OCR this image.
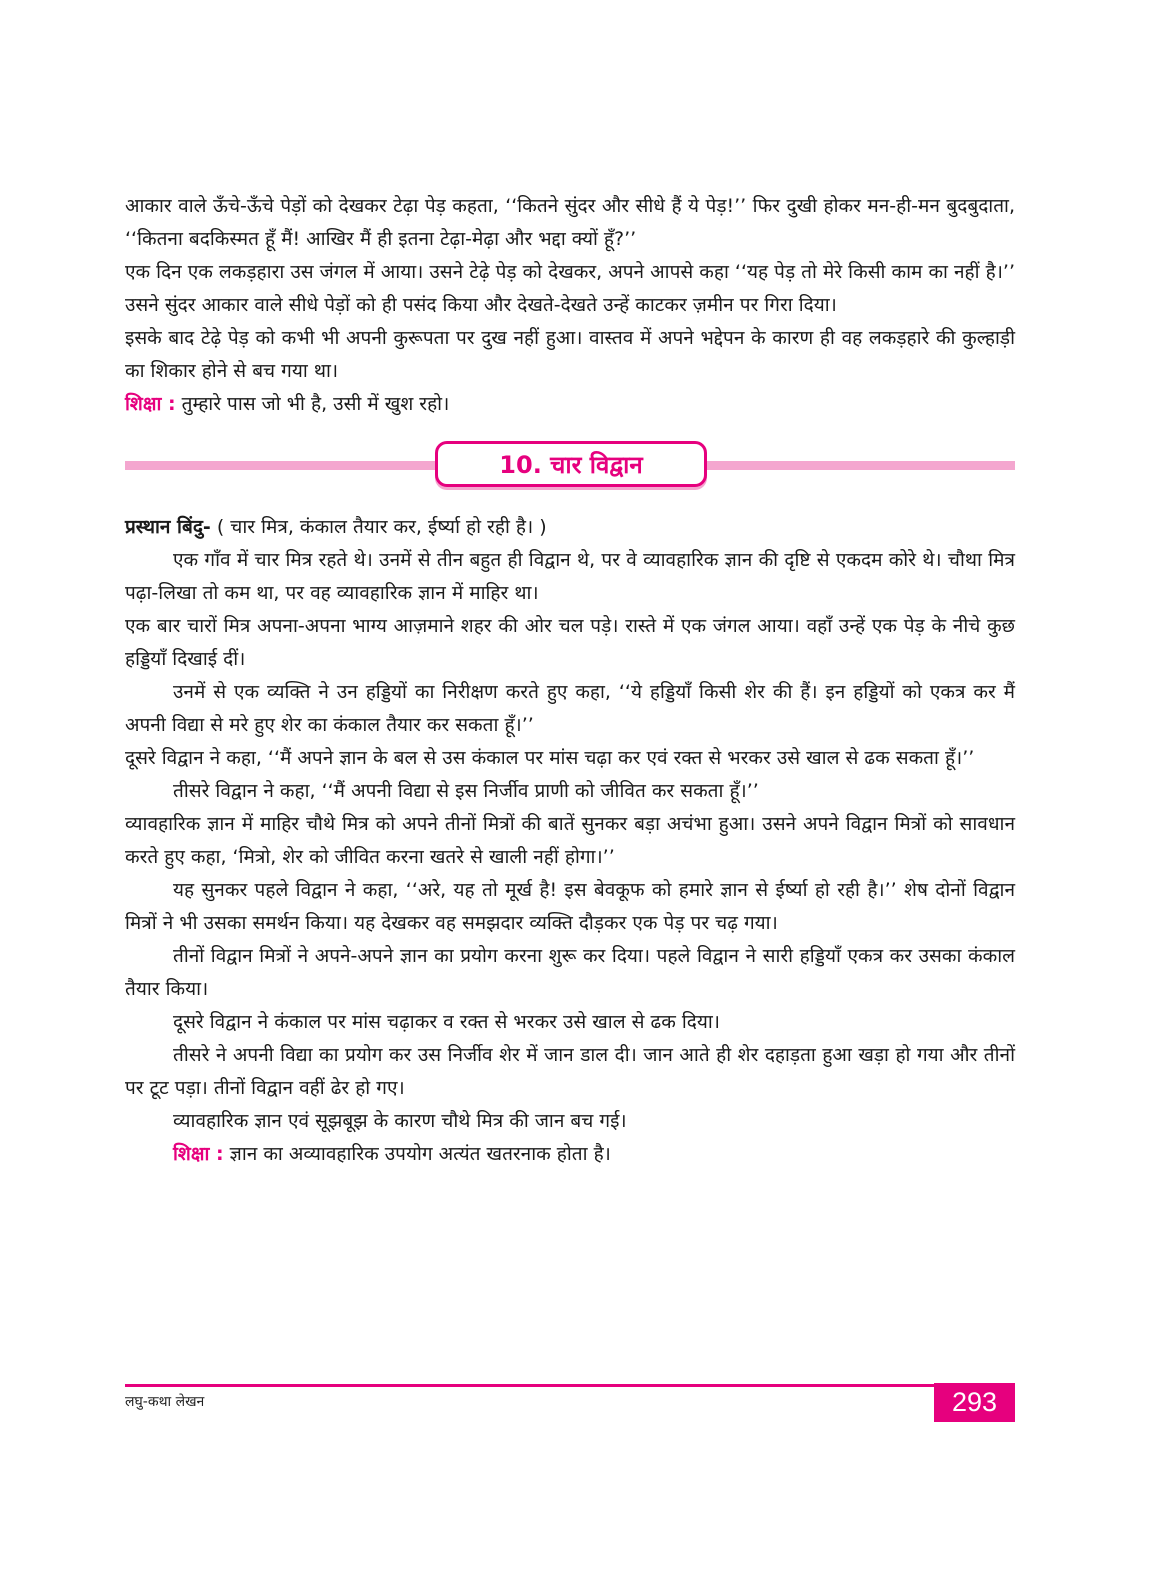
आकार वाले ऊँचे-ऊँचे पेड़ों को देखकर टेढ़ा पेड़ कहता, ‘‘कितने सुंदर और सीधे हैं ये पेड़!’’ फिर दुखी होकर मन-ही-मन बुदबुदाता, ‘‘कितना बदकिस्मत हूँ मैं! आखिर मैं ही इतना टेढ़ा-मेढ़ा और भद्दा क्यों हूँ?’’

एक दिन एक लकड़हारा उस जंगल में आया। उसने टेढ़े पेड़ को देखकर, अपने आपसे कहा ‘‘यह पेड़ तो मेरे किसी काम का नहीं है।’’ उसने सुंदर आकार वाले सीधे पेड़ों को ही पसंद किया और देखते-देखते उन्हें काटकर ज़मीन पर गिरा दिया।

इसके बाद टेढ़े पेड़ को कभी भी अपनी कुरूपता पर दुख नहीं हुआ। वास्तव में अपने भद्देपन के कारण ही वह लकड़हारे की कुल्हाड़ी का शिकार होने से बच गया था।

शिक्षा : तुम्हारे पास जो भी है, उसी में खुश रहो।

10. चार विद्वान

प्रस्थान बिंदु- ( चार मित्र, कंकाल तैयार कर, ईर्ष्या हो रही है। )

एक गाँव में चार मित्र रहते थे। उनमें से तीन बहुत ही विद्वान थे, पर वे व्यावहारिक ज्ञान की दृष्टि से एकदम कोरे थे। चौथा मित्र पढ़ा-लिखा तो कम था, पर वह व्यावहारिक ज्ञान में माहिर था।

एक बार चारों मित्र अपना-अपना भाग्य आज़माने शहर की ओर चल पड़े। रास्ते में एक जंगल आया। वहाँ उन्हें एक पेड़ के नीचे कुछ हड्डियाँ दिखाई दीं।

उनमें से एक व्यक्ति ने उन हड्डियों का निरीक्षण करते हुए कहा, ‘‘ये हड्डियाँ किसी शेर की हैं। इन हड्डियों को एकत्र कर मैं अपनी विद्या से मरे हुए शेर का कंकाल तैयार कर सकता हूँ।’’

दूसरे विद्वान ने कहा, ‘‘मैं अपने ज्ञान के बल से उस कंकाल पर मांस चढ़ा कर एवं रक्त से भरकर उसे खाल से ढक सकता हूँ।’’

तीसरे विद्वान ने कहा, ‘‘मैं अपनी विद्या से इस निर्जीव प्राणी को जीवित कर सकता हूँ।’’

व्यावहारिक ज्ञान में माहिर चौथे मित्र को अपने तीनों मित्रों की बातें सुनकर बड़ा अचंभा हुआ। उसने अपने विद्वान मित्रों को सावधान करते हुए कहा, ‘मित्रो, शेर को जीवित करना खतरे से खाली नहीं होगा।’’

यह सुनकर पहले विद्वान ने कहा, ‘‘अरे, यह तो मूर्ख है! इस बेवकूफ को हमारे ज्ञान से ईर्ष्या हो रही है।’’ शेष दोनों विद्वान मित्रों ने भी उसका समर्थन किया। यह देखकर वह समझदार व्यक्ति दौड़कर एक पेड़ पर चढ़ गया।

तीनों विद्वान मित्रों ने अपने-अपने ज्ञान का प्रयोग करना शुरू कर दिया। पहले विद्वान ने सारी हड्डियाँ एकत्र कर उसका कंकाल तैयार किया।

दूसरे विद्वान ने कंकाल पर मांस चढ़ाकर व रक्त से भरकर उसे खाल से ढक दिया।

तीसरे ने अपनी विद्या का प्रयोग कर उस निर्जीव शेर में जान डाल दी। जान आते ही शेर दहाड़ता हुआ खड़ा हो गया और तीनों पर टूट पड़ा। तीनों विद्वान वहीं ढेर हो गए।

व्यावहारिक ज्ञान एवं सूझबूझ के कारण चौथे मित्र की जान बच गई।

शिक्षा : ज्ञान का अव्यावहारिक उपयोग अत्यंत खतरनाक होता है।

लघु-कथा लेखन	293
